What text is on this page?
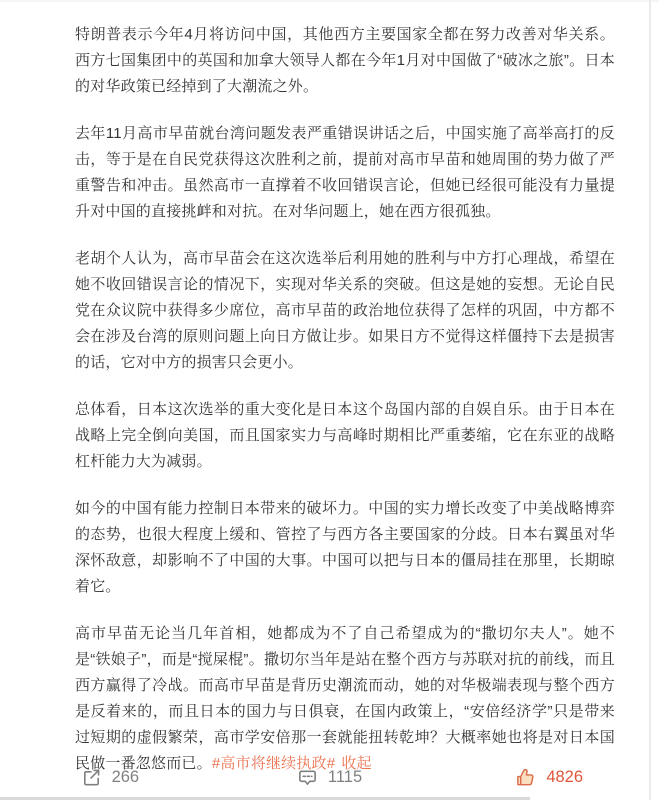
特朗普表示今年4月将访问中国，其他西方主要国家全都在努力改善对华关系。西方七国集团中的英国和加拿大领导人都在今年1月对中国做了“破冰之旅”。日本的对华政策已经掉到了大潮流之外。

去年11月高市早苗就台湾问题发表严重错误讲话之后，中国实施了高举高打的反击，等于是在自民党获得这次胜利之前，提前对高市早苗和她周围的势力做了严重警告和冲击。虽然高市一直撑着不收回错误言论，但她已经很可能没有力量提升对中国的直接挑衅和对抗。在对华问题上，她在西方很孤独。

老胡个人认为，高市早苗会在这次选举后利用她的胜利与中方打心理战，希望在她不收回错误言论的情况下，实现对华关系的突破。但这是她的妄想。无论自民党在众议院中获得多少席位，高市早苗的政治地位获得了怎样的巩固，中方都不会在涉及台湾的原则问题上向日方做让步。如果日方不觉得这样僵持下去是损害的话，它对中方的损害只会更小。

总体看，日本这次选举的重大变化是日本这个岛国内部的自娱自乐。由于日本在战略上完全倒向美国，而且国家实力与高峰时期相比严重萎缩，它在东亚的战略杠杆能力大为减弱。

如今的中国有能力控制日本带来的破坏力。中国的实力增长改变了中美战略博弈的态势，也很大程度上缓和、管控了与西方各主要国家的分歧。日本右翼虽对华深怀敌意，却影响不了中国的大事。中国可以把与日本的僵局挂在那里，长期晾着它。

高市早苗无论当几年首相，她都成为不了自己希望成为的“撒切尔夫人”。她不是“铁娘子”，而是“搅屎棍”。撒切尔当年是站在整个西方与苏联对抗的前线，而且西方赢得了冷战。而高市早苗是背历史潮流而动，她的对华极端表现与整个西方是反着来的，而且日本的国力与日俱衰，在国内政策上，“安倍经济学”只是带来过短期的虚假繁荣，高市学安倍那一套就能扭转乾坤？大概率她也将是对日本国民做一番忽悠而已。#高市将继续执政# 收起

266	1115	4826
